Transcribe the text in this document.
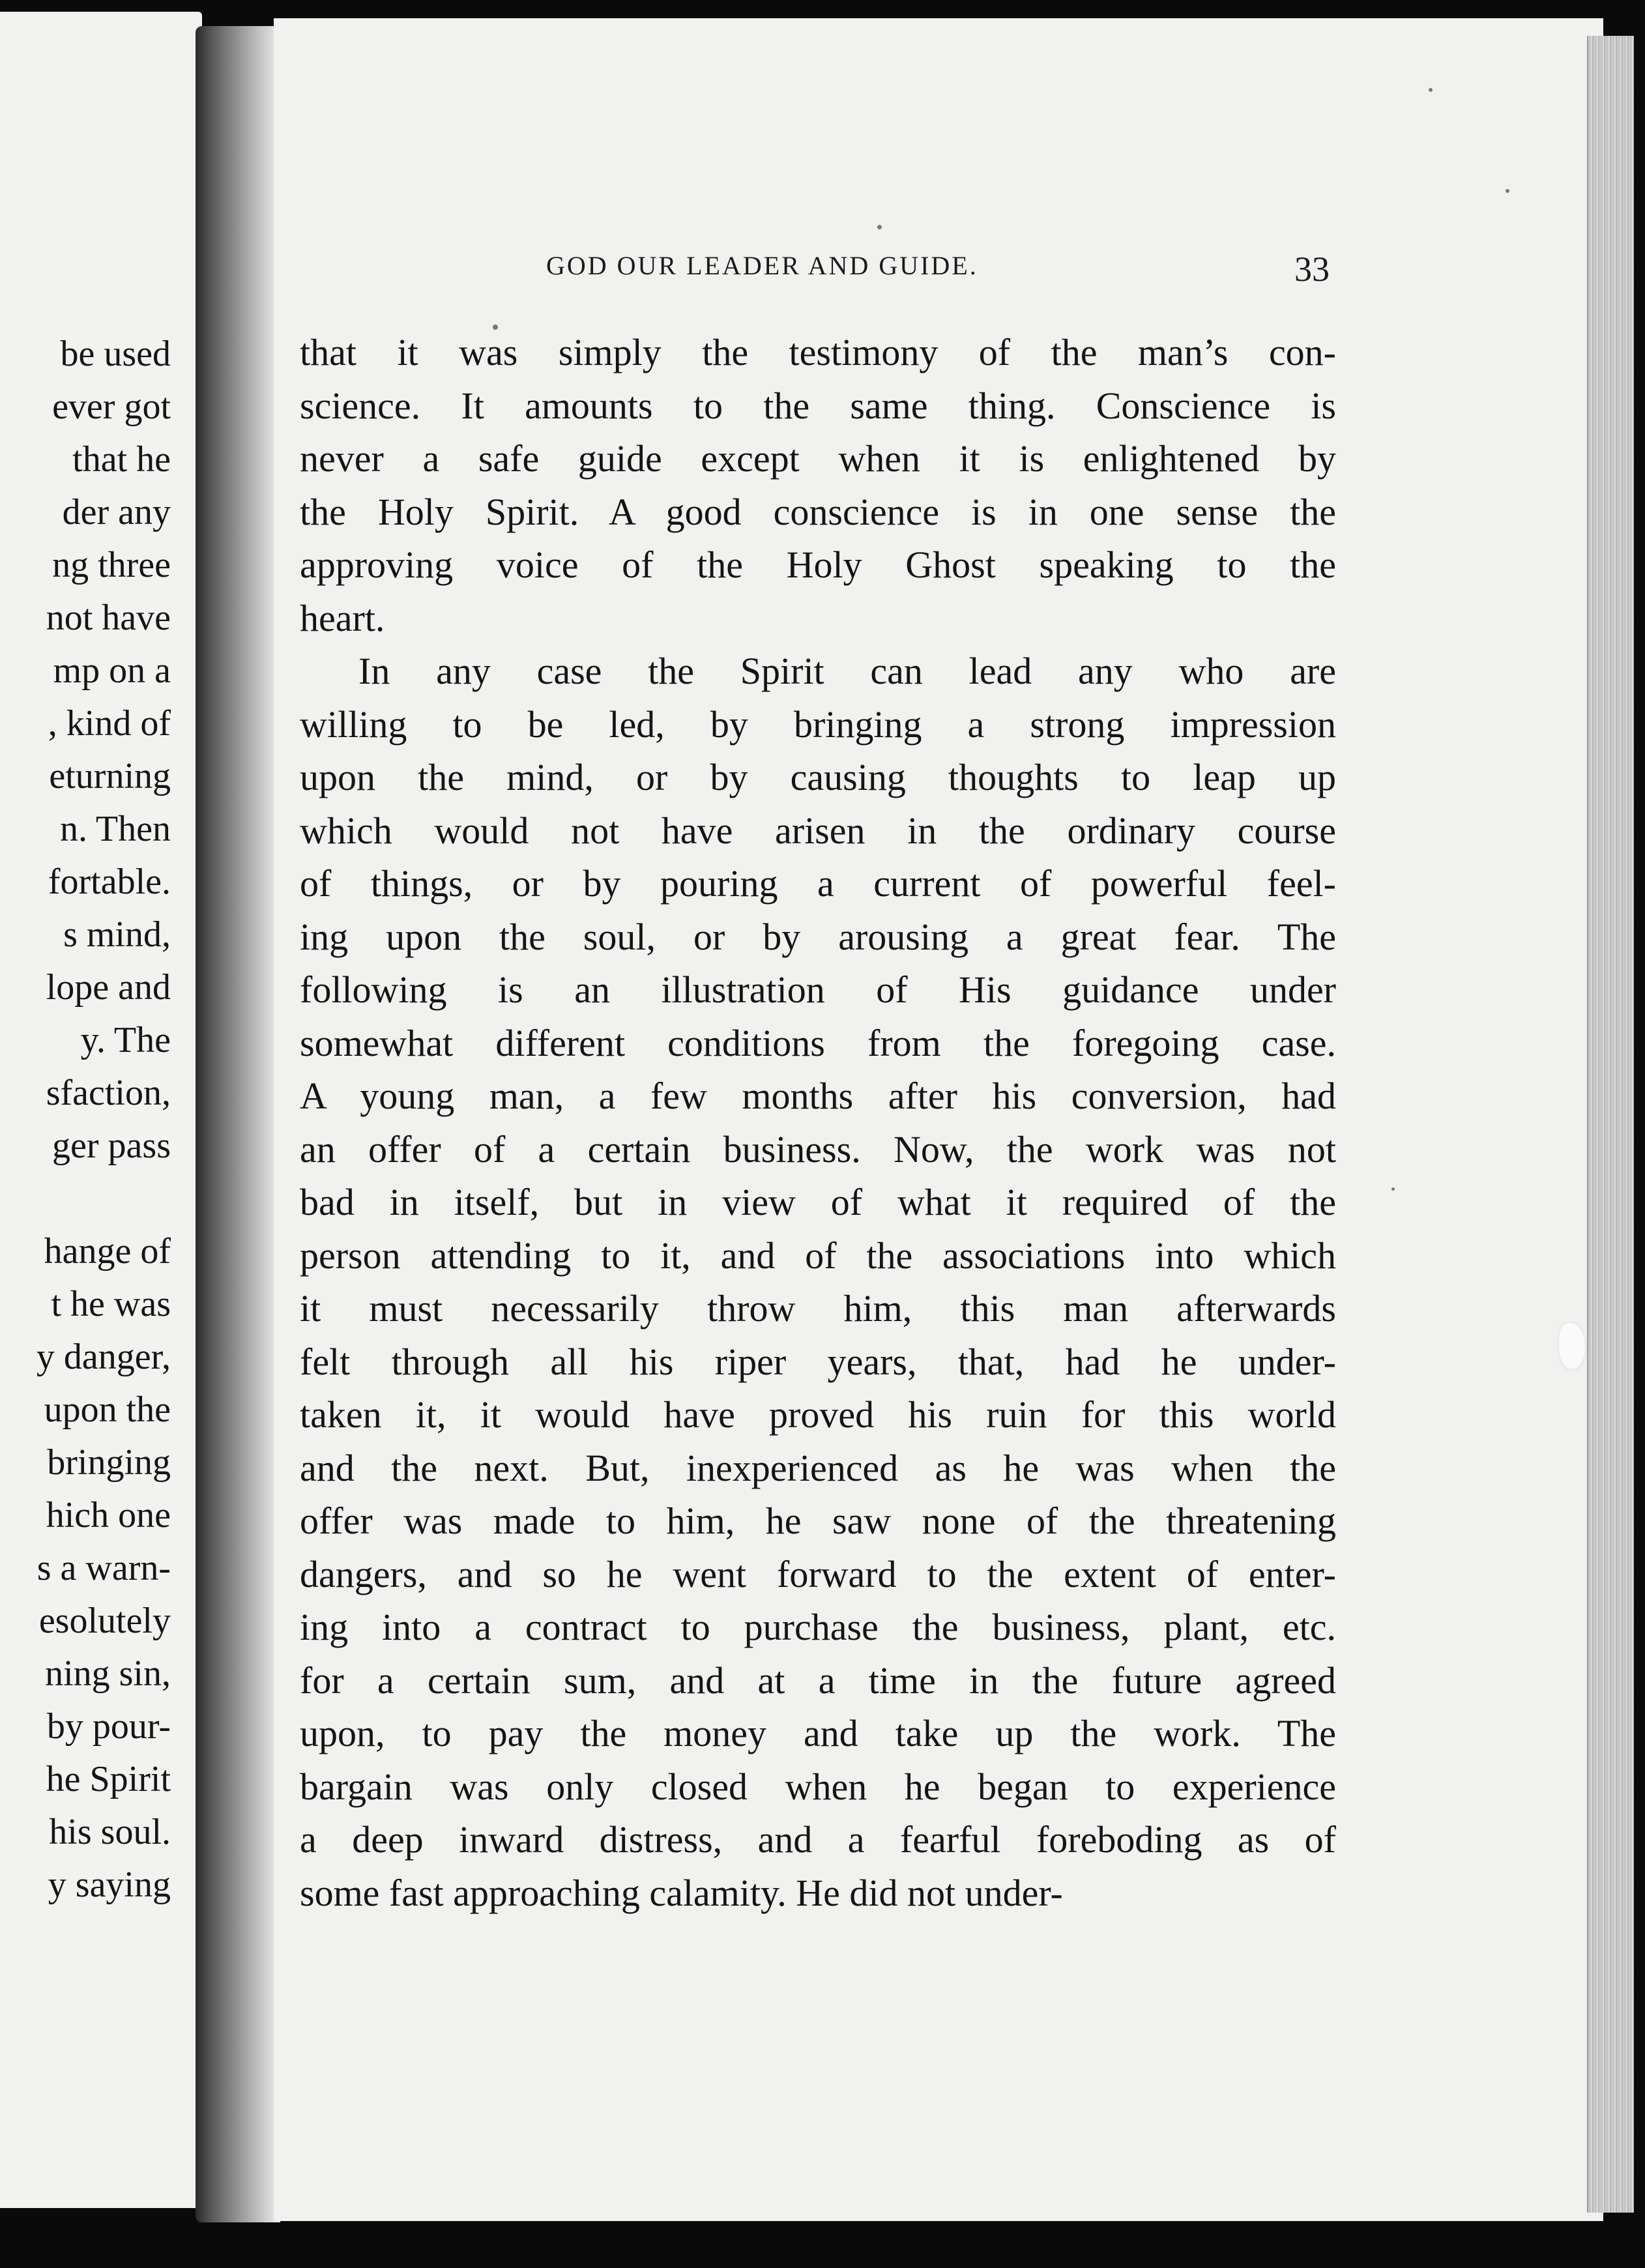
be used
ever got
that he
der any
ng three
not have
mp on a
, kind of
eturning
n. Then
fortable.
s mind,
lope and
y. The
sfaction,
ger pass
hange of
t he was
y danger,
upon the
bringing
hich one
s a warn-
esolutely
ning sin,
by pour-
he Spirit
his soul.
y saying
GOD OUR LEADER AND GUIDE.	33

that it was simply the testimony of the man’s con-
science. It amounts to the same thing. Conscience is
never a safe guide except when it is enlightened by
the Holy Spirit. A good conscience is in one sense the
approving voice of the Holy Ghost speaking to the
heart.

In any case the Spirit can lead any who are
willing to be led, by bringing a strong impression
upon the mind, or by causing thoughts to leap up
which would not have arisen in the ordinary course
of things, or by pouring a current of powerful feel-
ing upon the soul, or by arousing a great fear. The
following is an illustration of His guidance under
somewhat different conditions from the foregoing case.
A young man, a few months after his conversion, had
an offer of a certain business. Now, the work was not
bad in itself, but in view of what it required of the
person attending to it, and of the associations into which
it must necessarily throw him, this man afterwards
felt through all his riper years, that, had he under-
taken it, it would have proved his ruin for this world
and the next. But, inexperienced as he was when the
offer was made to him, he saw none of the threatening
dangers, and so he went forward to the extent of enter-
ing into a contract to purchase the business, plant, etc.
for a certain sum, and at a time in the future agreed
upon, to pay the money and take up the work. The
bargain was only closed when he began to experience
a deep inward distress, and a fearful foreboding as of
some fast approaching calamity. He did not under-
